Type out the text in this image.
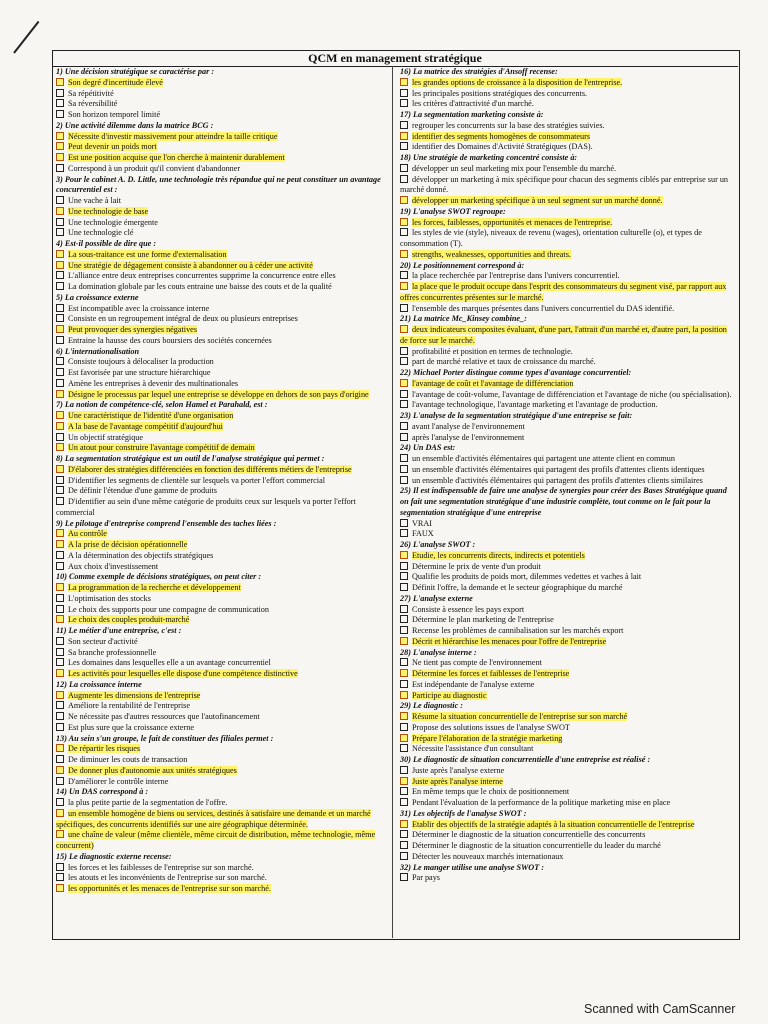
QCM en management stratégique
1) Une décision stratégique se caractérise par :
Son degré d'incertitude élevé
Sa répétitivité
Sa réversibilité
Son horizon temporel limité
2) Une activité dilemme dans la matrice BCG :
Nécessite d'investir massivement pour atteindre la taille critique
Peut devenir un poids mort
Est une position acquise que l'on cherche à maintenir durablement
Correspond à un produit qu'il convient d'abandonner
3) Pour le cabinet A. D. Little, une technologie très répandue qui ne peut constituer un avantage concurrentiel est :
Une vache à lait
Une technologie de base
Une technologie émergente
Une technologie clé
4) Est-il possible de dire que :
La sous-traitance est une forme d'externalisation
Une stratégie de dégagement consiste à abandonner ou à céder une activité
L'alliance entre deux entreprises concurrentes supprime la concurrence entre elles
La domination globale par les couts entraine une baisse des couts et de la qualité
5) La croissance externe
Est incompatible avec la croissance interne
Consiste en un regroupement intégral de deux ou plusieurs entreprises
Peut provoquer des synergies négatives
Entraine la hausse des cours boursiers des sociétés concernées
6) L'internationalisation
Consiste toujours à délocaliser la production
Est favorisée par une structure hiérarchique
Amène les entreprises à devenir des multinationales
Désigne le processus par lequel une entreprise se développe en dehors de son pays d'origine
7) La notion de compétence-clé, selon Hamel et Parahald, est :
Une caractéristique de l'identité d'une organisation
A la base de l'avantage compétitif d'aujourd'hui
Un objectif stratégique
Un atout pour construire l'avantage compétitif de demain
8) La segmentation stratégique est un outil de l'analyse stratégique qui permet :
D'élaborer des stratégies différenciées en fonction des différents métiers de l'entreprise
D'identifier les segments de clientèle sur lesquels va porter l'effort commercial
De définir l'étendue d'une gamme de produits
D'identifier au sein d'une même catégorie de produits ceux sur lesquels va porter l'effort commercial
9) Le pilotage d'entreprise comprend l'ensemble des taches liées :
Au contrôle
A la prise de décision opérationnelle
A la détermination des objectifs stratégiques
Aux choix d'investissement
10) Comme exemple de décisions stratégiques, on peut citer :
La programmation de la recherche et développement
L'optimisation des stocks
Le choix des supports pour une compagne de communication
Le choix des couples produit-marché
11) Le métier d'une entreprise, c'est :
Son secteur d'activité
Sa branche professionnelle
Les domaines dans lesquelles elle a un avantage concurrentiel
Les activités pour lesquelles elle dispose d'une compétence distinctive
12) La croissance interne
Augmente les dimensions de l'entreprise
Améliore la rentabilité de l'entreprise
Ne nécessite pas d'autres ressources que l'autofinancement
Est plus sure que la croissance externe
13) Au sein s'un groupe, le fait de constituer des filiales permet :
De répartir les risques
De diminuer les couts de transaction
De donner plus d'autonomie aux unités stratégiques
D'améliorer le contrôle interne
14) Un DAS correspond à :
la plus petite partie de la segmentation de l'offre.
un ensemble homogène de biens ou services, destinés à satisfaire une demande et un marché spécifiques, des concurrents identifiés sur une aire géographique déterminée.
une chaîne de valeur (même clientèle, même circuit de distribution, même technologie, même concurrent)
15) Le diagnostic externe recense:
les forces et les faiblesses de l'entreprise sur son marché.
les atouts et les inconvénients de l'entreprise sur son marché.
les opportunités et les menaces de l'entreprise sur son marché.
16) La matrice des stratégies d'Ansoff recense:
les grandes options de croissance à la disposition de l'entreprise.
les principales positions stratégiques des concurrents.
les critères d'attractivité d'un marché.
17) La segmentation marketing consiste à:
regrouper les concurrents sur la base des stratégies suivies.
identifier des segments homogènes de consommateurs
identifier des Domaines d'Activité Stratégiques (DAS).
18) Une stratégie de marketing concentré consiste à:
développer un seul marketing mix pour l'ensemble du marché.
développer un marketing à mix spécifique pour chacun des segments ciblés par entreprise sur un marché donné.
développer un marketing spécifique à un seul segment sur un marché donné.
19) L'analyse SWOT regroupe:
les forces, faiblesses, opportunités et menaces de l'entreprise.
les styles de vie (style), niveaux de revenu (wages), orientation culturelle (o), et types de consommation (T).
strengths, weaknesses, opportunities and threats.
20) Le positionnement correspond à:
la place recherchée par l'entreprise dans l'univers concurrentiel.
la place que le produit occupe dans l'esprit des consommateurs du segment visé, par rapport aux offres concurrentes présentes sur le marché.
l'ensemble des marques présentes dans l'univers concurrentiel du DAS identifié.
21) La matrice Mc_Kinsey combine_:
deux indicateurs composites évaluant, d'une part, l'attrait d'un marché et, d'autre part, la position de force sur le marché.
profitabilité et position en termes de technologie.
part de marché relative et taux de croissance du marché.
22) Michael Porter distingue comme types d'avantage concurrentiel:
l'avantage de coût et l'avantage de différenciation
l'avantage de coût-volume, l'avantage de différenciation et l'avantage de niche (ou spécialisation).
l'avantage technologique, l'avantage marketing et l'avantage de production.
23) L'analyse de la segmentation stratégique d'une entreprise se fait:
avant l'analyse de l'environnement
après l'analyse de l'environnement
24) Un DAS est:
un ensemble d'activités élémentaires qui partagent une attente client en commun
un ensemble d'activités élémentaires qui partagent des profils d'attentes clients identiques
un ensemble d'activités élémentaires qui partagent des profils d'attentes clients similaires
25) Il est indispensable de faire une analyse de synergies pour créer des Bases Stratégique quand on fait une segmentation stratégique d'une industrie complète, tout comme on le fait pour la segmentation stratégique d'une entreprise
VRAI
FAUX
26) L'analyse SWOT :
Etudie, les concurrents directs, indirects et potentiels
Détermine le prix de vente d'un produit
Qualifie les produits de poids mort, dilemmes vedettes et vaches à lait
Définit l'offre, la demande et le secteur géographique du marché
27) L'analyse externe
Consiste à essence les pays export
Détermine le plan marketing de l'entreprise
Recense les problèmes de cannibalisation sur les marchés export
Décrit et hiérarchise les menaces pour l'offre de l'entreprise
28) L'analyse interne :
Ne tient pas compte de l'environnement
Détermine les forces et faiblesses de l'entreprise
Est indépendante de l'analyse externe
Participe au diagnostic
29) Le diagnostic :
Résume la situation concurrentielle de l'entreprise sur son marché
Propose des solutions issues de l'analyse SWOT
Prépare l'élaboration de la stratégie marketing
Nécessite l'assistance d'un consultant
30) Le diagnostic de situation concurrentielle d'une entreprise est réalisé :
Juste après l'analyse externe
Juste après l'analyse interne
En même temps que le choix de positionnement
Pendant l'évaluation de la performance de la politique marketing mise en place
31) Les objectifs de l'analyse SWOT :
Etablir des objectifs de la stratégie adaptés à la situation concurrentielle de l'entreprise
Déterminer le diagnostic de la situation concurrentielle des concurrents
Déterminer le diagnostic de la situation concurrentielle du leader du marché
Détecter les nouveaux marchés internationaux
32) Le manger utilise une analyse SWOT :
Par pays
Scanned with CamScanner
